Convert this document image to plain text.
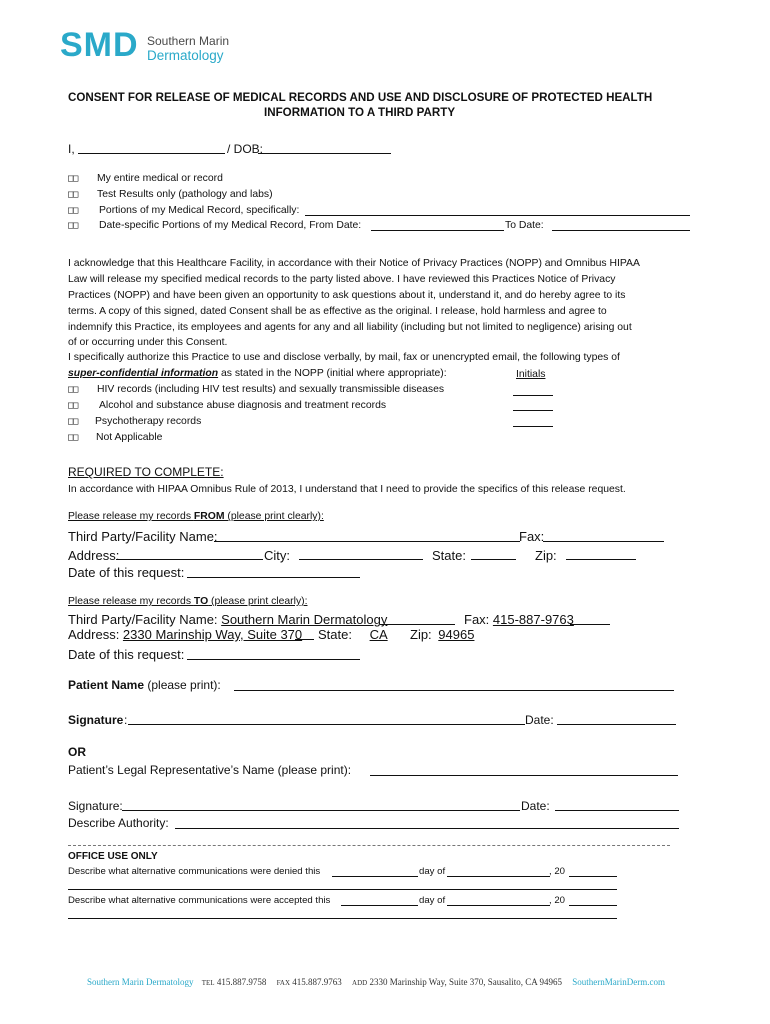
SMD Southern Marin
Dermatology
CONSENT FOR RELEASE OF MEDICAL RECORDS AND USE AND DISCLOSURE OF PROTECTED HEALTH
INFORMATION TO A THIRD PARTY
I,	/ DOB:
□□ My entire medical or record
□□ Test Results only (pathology and labs)
□□ Portions of my Medical Record, specifically:
□□ Date-specific Portions of my Medical Record, From Date:	To Date:
I acknowledge that this Healthcare Facility, in accordance with their Notice of Privacy Practices (NOPP) and Omnibus HIPAA
Law will release my specified medical records to the party listed above. I have reviewed this Practices Notice of Privacy
Practices (NOPP) and have been given an opportunity to ask questions about it, understand it, and do hereby agree to its
terms. A copy of this signed, dated Consent shall be as effective as the original. I release, hold harmless and agree to
indemnify this Practice, its employees and agents for any and all liability (including but not limited to negligence) arising out
of or occurring under this Consent.
I specifically authorize this Practice to use and disclose verbally, by mail, fax or unencrypted email, the following types of
super-confidential information as stated in the NOPP (initial where appropriate):	Initials
□□ HIV records (including HIV test results) and sexually transmissible diseases
□□ Alcohol and substance abuse diagnosis and treatment records
□□ Psychotherapy records
□□ Not Applicable
REQUIRED TO COMPLETE:
In accordance with HIPAA Omnibus Rule of 2013, I understand that I need to provide the specifics of this release request.
Please release my records FROM (please print clearly):
Third Party/Facility Name:	Fax:
Address:	City:	State:	Zip:
Date of this request:
Please release my records TO (please print clearly):
Third Party/Facility Name: Southern Marin Dermatology	Fax: 415-887-9763
Address: 2330 Marinship Way, Suite 370 State: CA	Zip: 94965
Date of this request:
Patient Name (please print):
Signature :	Date:
OR
Patient’s Legal Representative’s Name (please print):
Signature:	Date:
Describe Authority:
OFFICE USE ONLY
Describe what alternative communications were denied this	day of	, 20
Describe what alternative communications were accepted this	day of	, 20
Southern Marin Dermatology TEL 415.887.9758 FAX 415.887.9763 ADD 2330 Marinship Way, Suite 370, Sausalito, CA 94965 SouthernMarinDerm.com
